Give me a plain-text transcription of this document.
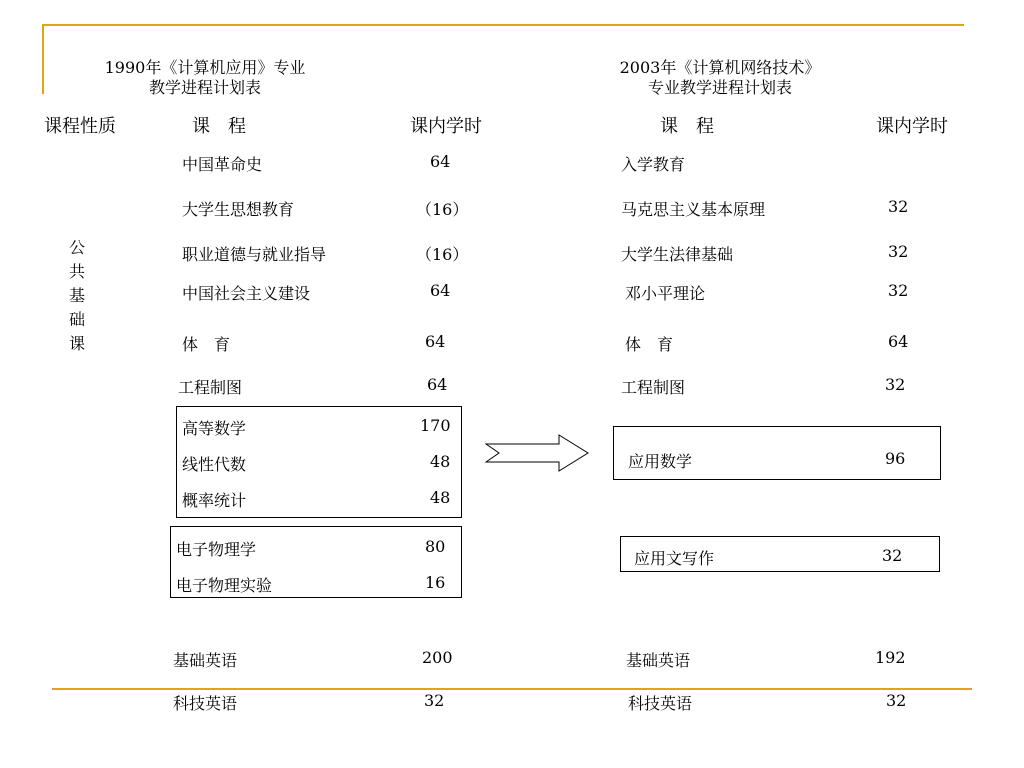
1990年《计算机应用》专业
教学进程计划表
2003年《计算机网络技术》
专业教学进程计划表
课程性质	课　程	课内学时	课　程	课内学时
公
共
基
础
课
中国革命史	64
大学生思想教育	（16）
职业道德与就业指导	（16）
中国社会主义建设	64
体　育	64
工程制图	64
高等数学	170
线性代数	48
概率统计	48
电子物理学	80
电子物理实验	16
基础英语	200
科技英语	32
入学教育
马克思主义基本原理	32
大学生法律基础	32
邓小平理论	32
体　育	64
工程制图	32
应用数学	96
应用文写作	32
基础英语	192
科技英语	32
